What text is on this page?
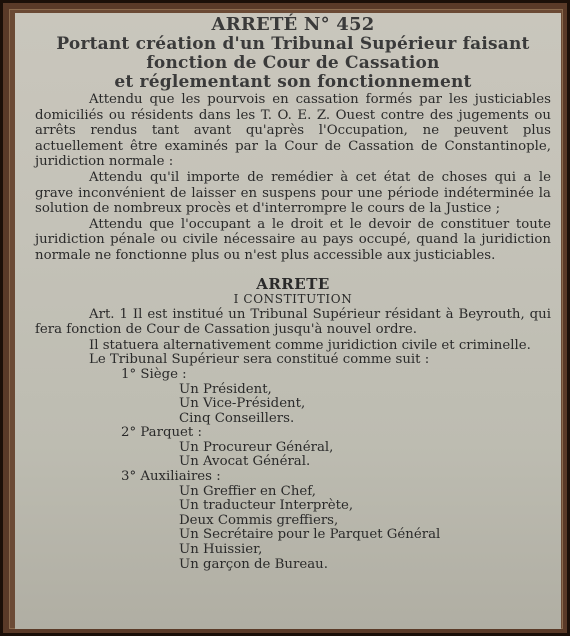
ARRETÉ N° 452

Portant création d'un Tribunal Supérieur faisant

fonction de Cour de Cassation

et réglementant son fonctionnement

Attendu que les pourvois en cassation formés par les justiciables domiciliés ou résidents dans les T. O. E. Z. Ouest contre des jugements ou arrêts rendus tant avant qu'après l'Occupation, ne peuvent plus actuellement être examinés par la Cour de Cassation de Constantinople, juridiction normale :

Attendu qu'il importe de remédier à cet état de choses qui a le grave inconvénient de laisser en suspens pour une période indéterminée la solution de nombreux procès et d'interrompre le cours de la Justice ;

Attendu que l'occupant a le droit et le devoir de constituer toute juridiction pénale ou civile nécessaire au pays occupé, quand la juridiction normale ne fonctionne plus ou n'est plus accessible aux justiciables.

ARRETE

I CONSTITUTION

Art. 1 Il est institué un Tribunal Supérieur résidant à Beyrouth, qui fera fonction de Cour de Cassation jusqu'à nouvel ordre.

Il statuera alternativement comme juridiction civile et criminelle.

Le Tribunal Supérieur sera constitué comme suit :

1° Siège :

Un Président,

Un Vice-Président,

Cinq Conseillers.

2° Parquet :

Un Procureur Général,

Un Avocat Général.

3° Auxiliaires :

Un Greffier en Chef,

Un traducteur Interprète,

Deux Commis greffiers,

Un Secrétaire pour le Parquet Général

Un Huissier,

Un garçon de Bureau.
